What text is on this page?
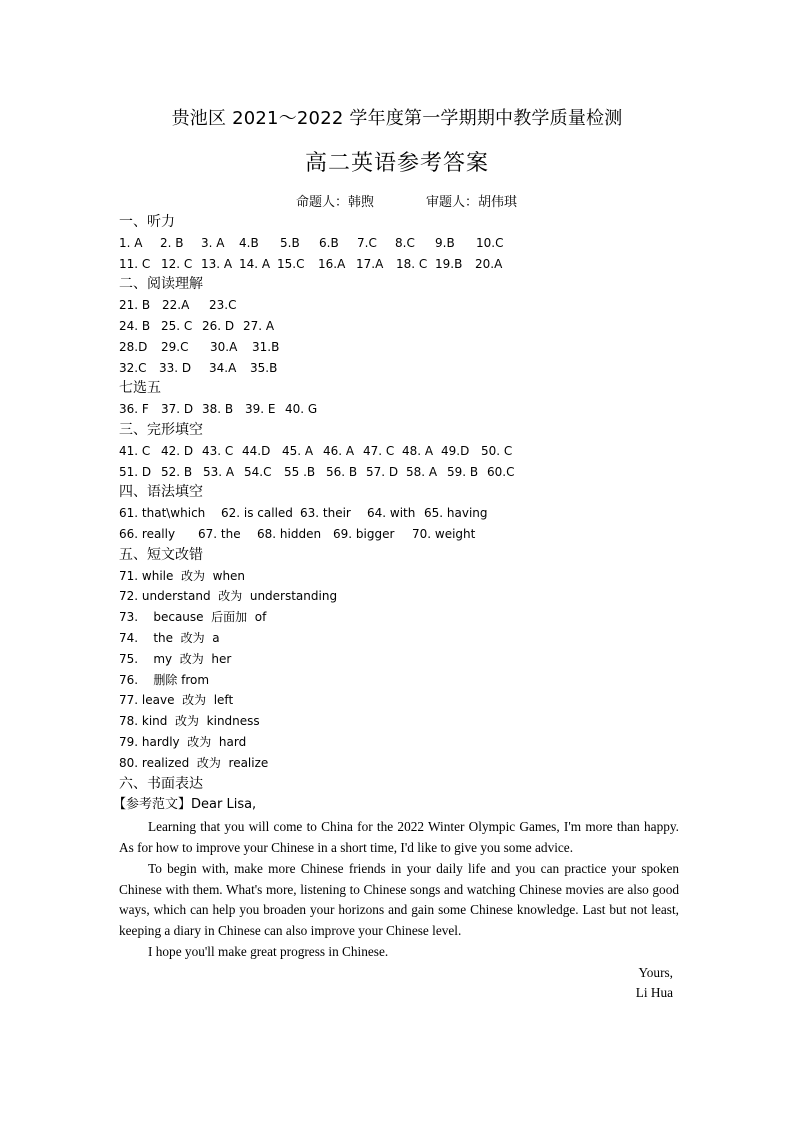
贵池区 2021～2022 学年度第一学期期中教学质量检测
高二英语参考答案
命题人：韩煦	审题人：胡伟琪
一、听力
1. A 2. B 3. A 4.B 5.B 6.B 7.C 8.C 9.B 10.C
11. C 12. C 13. A 14. A 15.C 16.A 17.A 18. C 19.B 20.A
二、阅读理解
21. B 22.A 23.C
24. B 25. C 26. D 27. A
28.D 29.C 30.A 31.B
32.C 33. D 34.A 35.B
七选五
36. F 37. D 38. B 39. E 40. G
三、完形填空
41. C 42. D 43. C 44.D 45. A 46. A 47. C 48. A 49.D 50. C
51. D 52. B 53. A 54.C 55 .B 56. B 57. D 58. A 59. B 60.C
四、语法填空
61. that\which 62. is called 63. their 64. with 65. having
66. really 67. the 68. hidden 69. bigger 70. weight
五、短文改错
71. while  改为  when
72. understand  改为  understanding
73.    because  后面加  of
74.    the  改为  a
75.    my  改为  her
76.    删除 from
77. leave  改为  left
78. kind  改为  kindness
79. hardly  改为  hard
80. realized  改为  realize
六、书面表达
【参考范文】Dear Lisa,

Learning that you will come to China for the 2022 Winter Olympic Games, I'm more than happy. As for how to improve your Chinese in a short time, I'd like to give you some advice.

To begin with, make more Chinese friends in your daily life and you can practice your spoken Chinese with them. What's more, listening to Chinese songs and watching Chinese movies are also good ways, which can help you broaden your horizons and gain some Chinese knowledge. Last but not least, keeping a diary in Chinese can also improve your Chinese level.

I hope you'll make great progress in Chinese.

Yours,
Li Hua
